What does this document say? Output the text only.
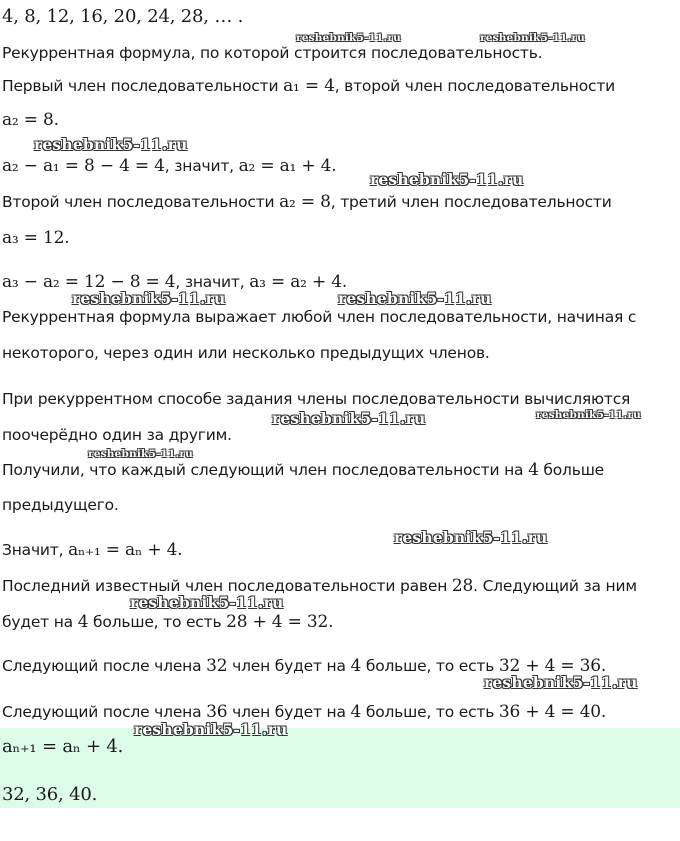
4, 8, 12, 16, 20, 24, 28, … .
Рекуррентная формула, по которой строится последовательность.
Первый член последовательности a₁ = 4, второй член последовательности
a₂ = 8.
a₂ − a₁ = 8 − 4 = 4, значит, a₂ = a₁ + 4.
Второй член последовательности a₂ = 8, третий член последовательности
a₃ = 12.
a₃ − a₂ = 12 − 8 = 4, значит, a₃ = a₂ + 4.
Рекуррентная формула выражает любой член последовательности, начиная с
некоторого, через один или несколько предыдущих членов.
При рекуррентном способе задания члены последовательности вычисляются
поочерёдно один за другим.
Получили, что каждый следующий член последовательности на 4 больше
предыдущего.
Значит, aₙ₊₁ = aₙ + 4.
Последний известный член последовательности равен 28. Следующий за ним
будет на 4 больше, то есть 28 + 4 = 32.
Следующий после члена 32 член будет на 4 больше, то есть 32 + 4 = 36.
Следующий после члена 36 член будет на 4 больше, то есть 36 + 4 = 40.
aₙ₊₁ = aₙ + 4.
32, 36, 40.
reshebnik5-11.ru	reshebnik5-11.ru
reshebnik5-11.ru
reshebnik5-11.ru
reshebnik5-11.ru	reshebnik5-11.ru
reshebnik5-11.ru	reshebnik5-11.ru
reshebnik5-11.ru
reshebnik5-11.ru
reshebnik5-11.ru
reshebnik5-11.ru
reshebnik5-11.ru
